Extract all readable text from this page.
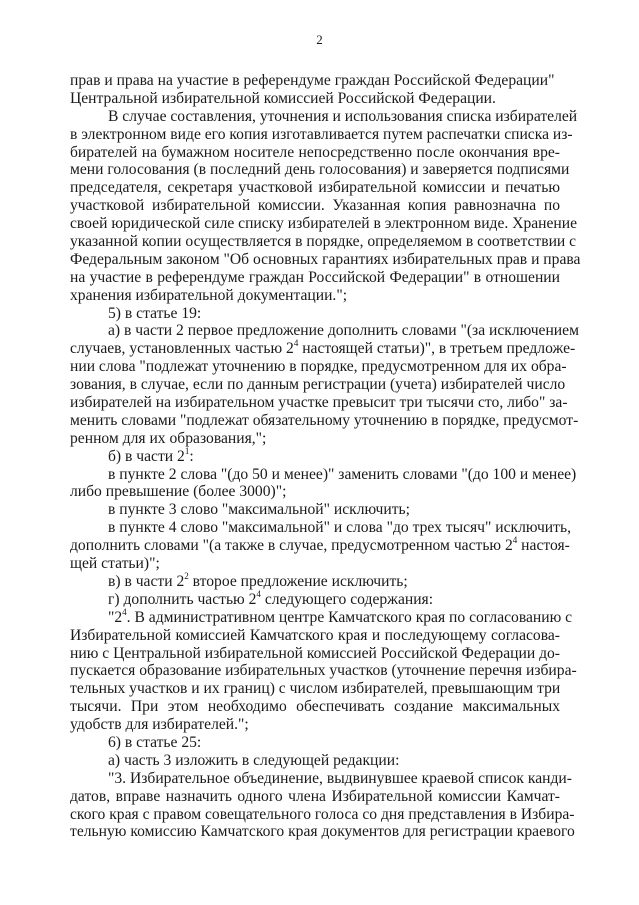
2
прав и права на участие в референдуме граждан Российской Федерации"
Центральной избирательной комиссией Российской Федерации.
В случае составления, уточнения и использования списка избирателей
в электронном виде его копия изготавливается путем распечатки списка из-
бирателей на бумажном носителе непосредственно после окончания вре-
мени голосования (в последний день голосования) и заверяется подписями
председателя, секретаря участковой избирательной комиссии и печатью
участковой избирательной комиссии. Указанная копия равнозначна по
своей юридической силе списку избирателей в электронном виде. Хранение
указанной копии осуществляется в порядке, определяемом в соответствии с
Федеральным законом "Об основных гарантиях избирательных прав и права
на участие в референдуме граждан Российской Федерации" в отношении
хранения избирательной документации.";
5) в статье 19:
а) в части 2 первое предложение дополнить словами "(за исключением
случаев, установленных частью $2^4$ настоящей статьи)", в третьем предложе-
нии слова "подлежат уточнению в порядке, предусмотренном для их обра-
зования, в случае, если по данным регистрации (учета) избирателей число
избирателей на избирательном участке превысит три тысячи сто, либо" за-
менить словами "подлежат обязательному уточнению в порядке, предусмот-
ренном для их образования,";
б) в части $2^1$:
в пункте 2 слова "(до 50 и менее)" заменить словами "(до 100 и менее)
либо превышение (более 3000)";
в пункте 3 слово "максимальной" исключить;
в пункте 4 слово "максимальной" и слова "до трех тысяч" исключить,
дополнить словами "(а также в случае, предусмотренном частью $2^4$ настоя-
щей статьи)";
в) в части $2^2$ второе предложение исключить;
г) дополнить частью $2^4$ следующего содержания:
"$2^4$. В административном центре Камчатского края по согласованию с
Избирательной комиссией Камчатского края и последующему согласова-
нию с Центральной избирательной комиссией Российской Федерации до-
пускается образование избирательных участков (уточнение перечня избира-
тельных участков и их границ) с числом избирателей, превышающим три
тысячи. При этом необходимо обеспечивать создание максимальных
удобств для избирателей.";
6) в статье 25:
а) часть 3 изложить в следующей редакции:
"3. Избирательное объединение, выдвинувшее краевой список канди-
датов, вправе назначить одного члена Избирательной комиссии Камчат-
ского края с правом совещательного голоса со дня представления в Избира-
тельную комиссию Камчатского края документов для регистрации краевого
